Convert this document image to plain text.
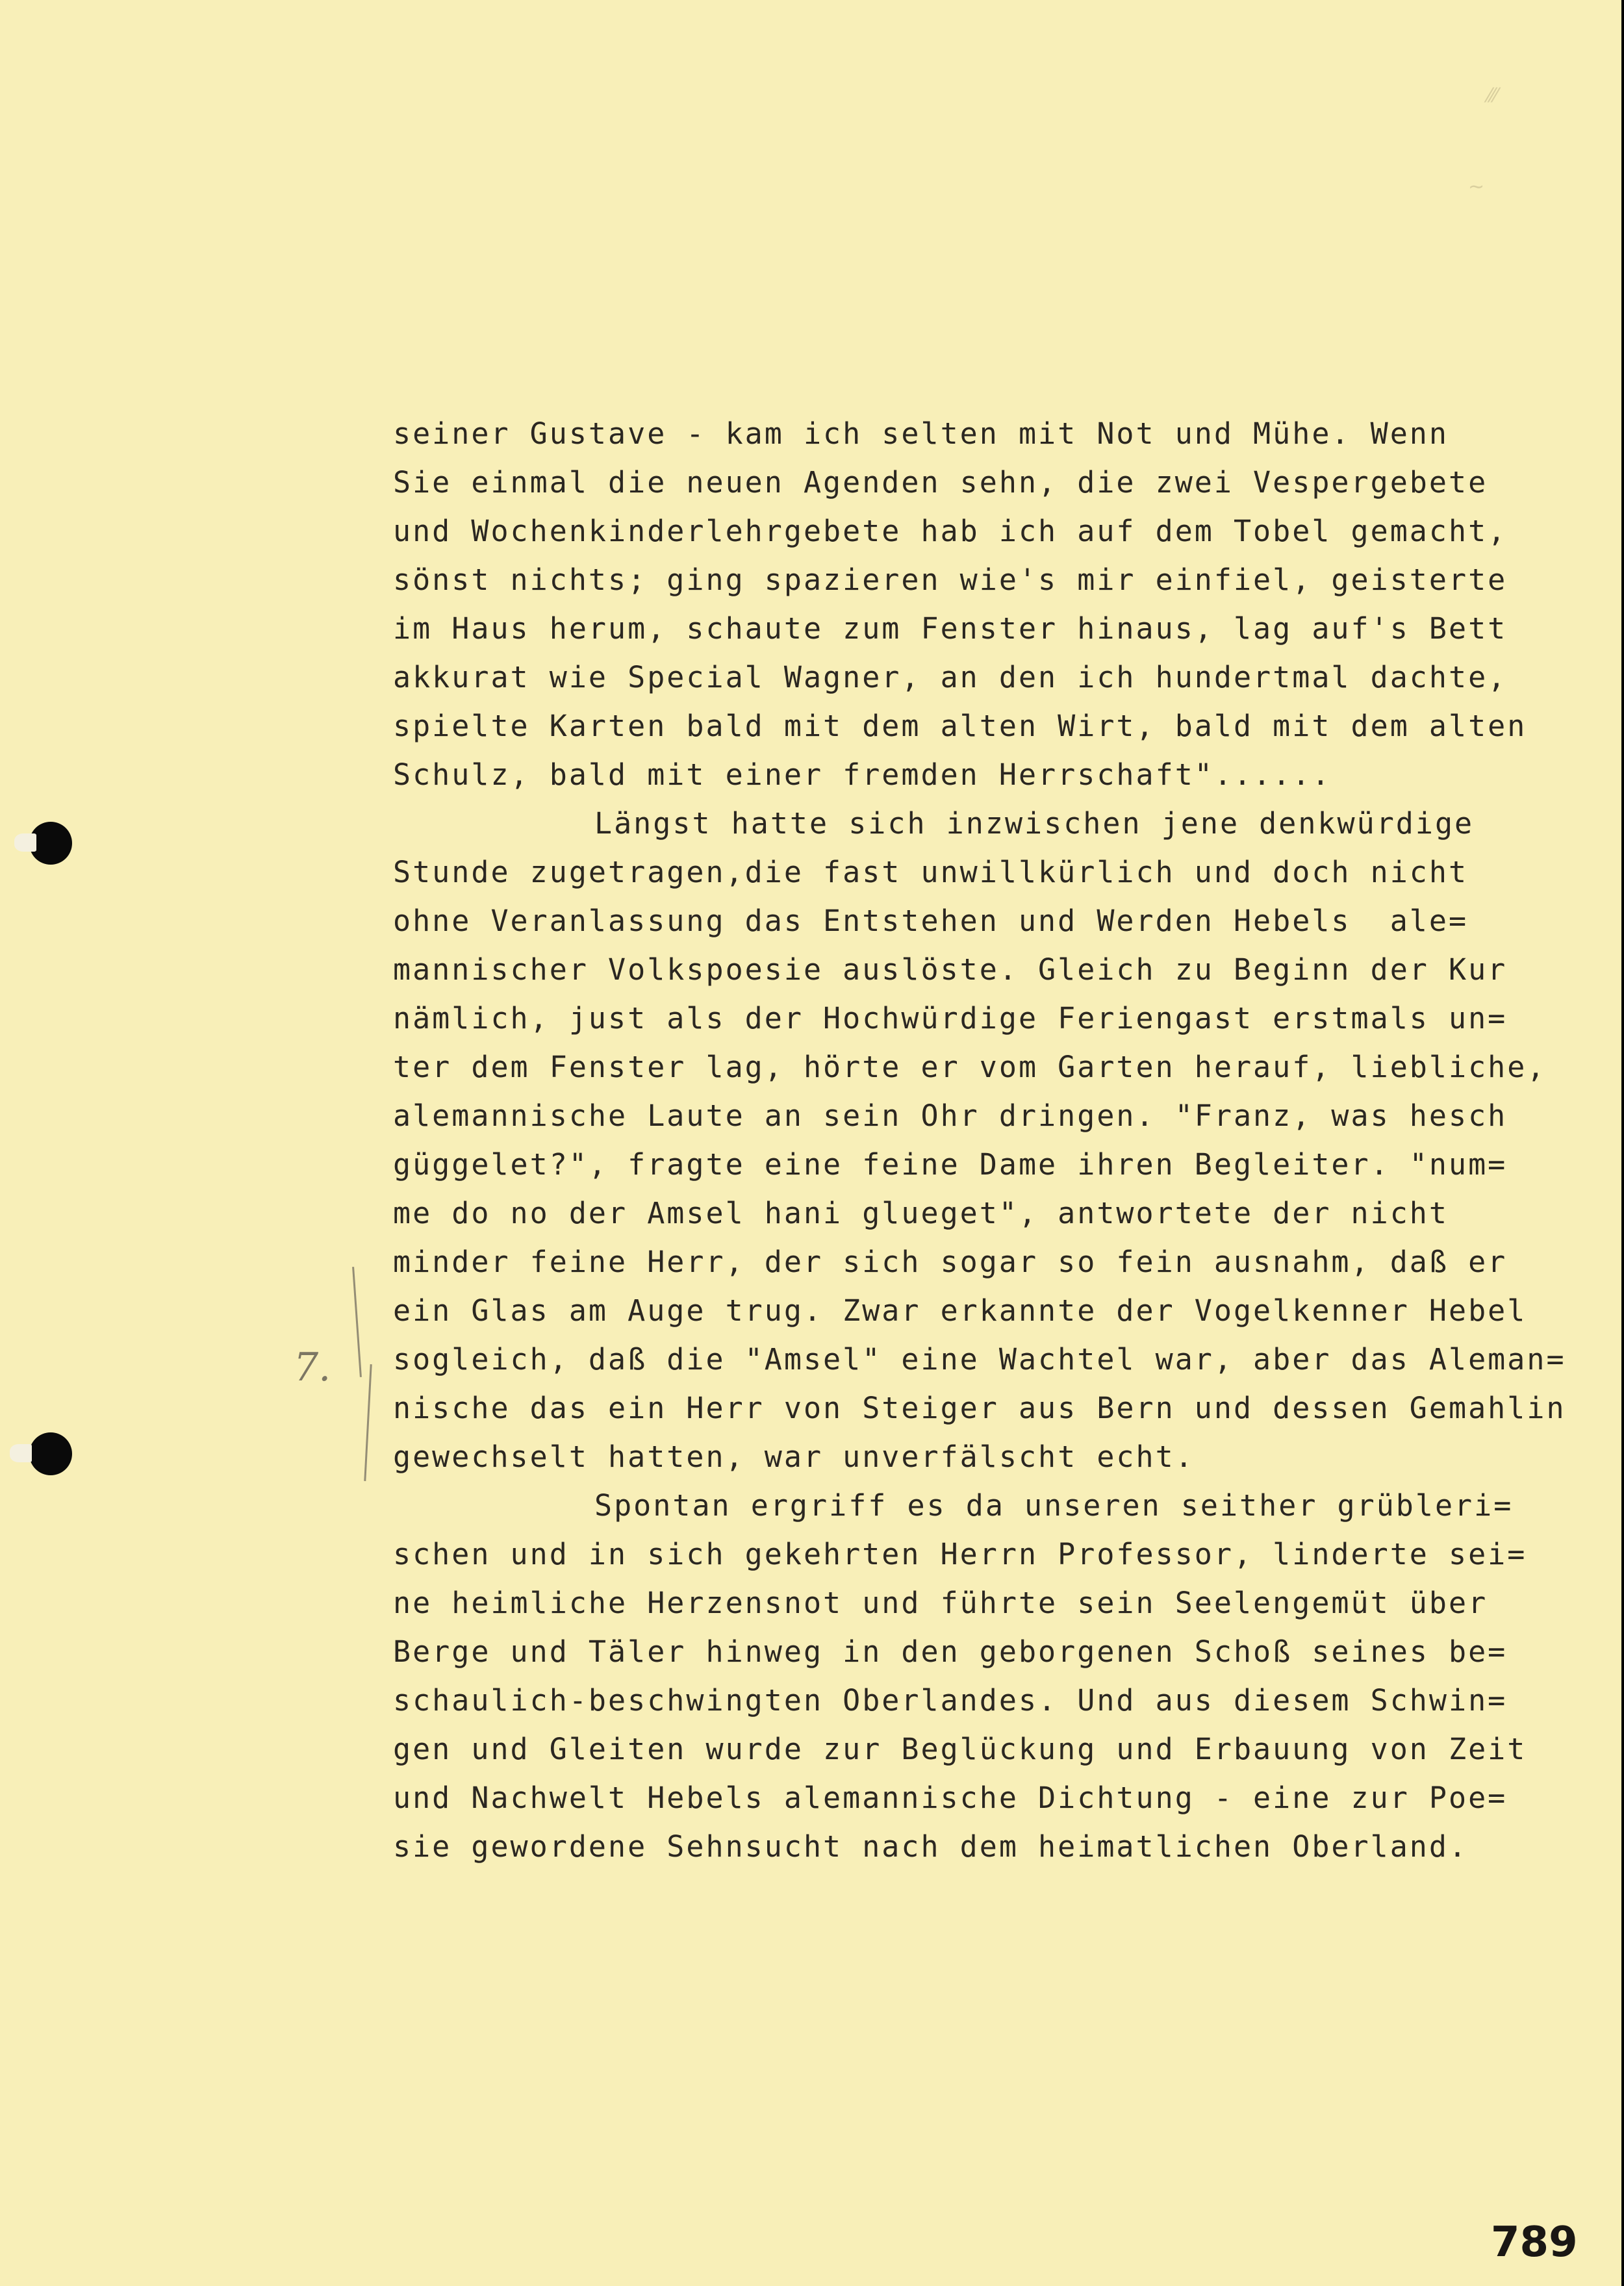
⁄⁄⁄
∼
7.
seiner Gustave - kam ich selten mit Not und Mühe. Wenn
Sie einmal die neuen Agenden sehn, die zwei Vespergebete
und Wochenkinderlehrgebete hab ich auf dem Tobel gemacht,
sönst nichts; ging spazieren wie's mir einfiel, geisterte
im Haus herum, schaute zum Fenster hinaus, lag auf's Bett
akkurat wie Special Wagner, an den ich hundertmal dachte,
spielte Karten bald mit dem alten Wirt, bald mit dem alten
Schulz, bald mit einer fremden Herrschaft"......
Längst hatte sich inzwischen jene denkwürdige
Stunde zugetragen,die fast unwillkürlich und doch nicht
ohne Veranlassung das Entstehen und Werden Hebels  ale=
mannischer Volkspoesie auslöste. Gleich zu Beginn der Kur
nämlich, just als der Hochwürdige Feriengast erstmals un=
ter dem Fenster lag, hörte er vom Garten herauf, liebliche,
alemannische Laute an sein Ohr dringen. "Franz, was hesch
güggelet?", fragte eine feine Dame ihren Begleiter. "num=
me do no der Amsel hani glueget", antwortete der nicht
minder feine Herr, der sich sogar so fein ausnahm, daß er
ein Glas am Auge trug. Zwar erkannte der Vogelkenner Hebel
sogleich, daß die "Amsel" eine Wachtel war, aber das Aleman=
nische das ein Herr von Steiger aus Bern und dessen Gemahlin
gewechselt hatten, war unverfälscht echt.
Spontan ergriff es da unseren seither grübleri=
schen und in sich gekehrten Herrn Professor, linderte sei=
ne heimliche Herzensnot und führte sein Seelengemüt über
Berge und Täler hinweg in den geborgenen Schoß seines be=
schaulich-beschwingten Oberlandes. Und aus diesem Schwin=
gen und Gleiten wurde zur Beglückung und Erbauung von Zeit
und Nachwelt Hebels alemannische Dichtung - eine zur Poe=
sie gewordene Sehnsucht nach dem heimatlichen Oberland.
789
